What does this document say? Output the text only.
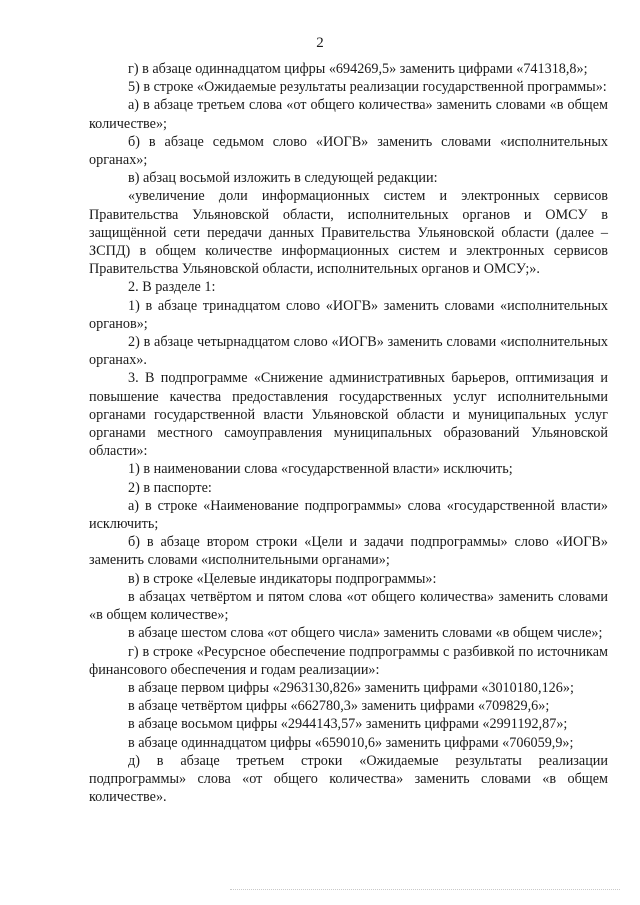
2

г) в абзаце одиннадцатом цифры «694269,5» заменить цифрами «741318,8»;

5) в строке «Ожидаемые результаты реализации государственной программы»:

а) в абзаце третьем слова «от общего количества» заменить словами «в общем количестве»;

б) в абзаце седьмом слово «ИОГВ» заменить словами «исполнительных органах»;

в) абзац восьмой изложить в следующей редакции:

«увеличение доли информационных систем и электронных сервисов Правительства Ульяновской области, исполнительных органов и ОМСУ в защищённой сети передачи данных Правительства Ульяновской области (далее – ЗСПД) в общем количестве информационных систем и электронных сервисов Правительства Ульяновской области, исполнительных органов и ОМСУ;».

2. В разделе 1:

1) в абзаце тринадцатом слово «ИОГВ» заменить словами «исполнительных органов»;

2) в абзаце четырнадцатом слово «ИОГВ» заменить словами «исполнительных органах».

3. В подпрограмме «Снижение административных барьеров, оптимизация и повышение качества предоставления государственных услуг исполнительными органами государственной власти Ульяновской области и муниципальных услуг органами местного самоуправления муниципальных образований Ульяновской области»:

1) в наименовании слова «государственной власти» исключить;

2) в паспорте:

а) в строке «Наименование подпрограммы» слова «государственной власти» исключить;

б) в абзаце втором строки «Цели и задачи подпрограммы» слово «ИОГВ» заменить словами «исполнительными органами»;

в) в строке «Целевые индикаторы подпрограммы»:

в абзацах четвёртом и пятом слова «от общего количества» заменить словами «в общем количестве»;

в абзаце шестом слова «от общего числа» заменить словами «в общем числе»;

г) в строке «Ресурсное обеспечение подпрограммы с разбивкой по источникам финансового обеспечения и годам реализации»:

в абзаце первом цифры «2963130,826» заменить цифрами «3010180,126»;

в абзаце четвёртом цифры «662780,3» заменить цифрами «709829,6»;

в абзаце восьмом цифры «2944143,57» заменить цифрами «2991192,87»;

в абзаце одиннадцатом цифры «659010,6» заменить цифрами «706059,9»;

д) в абзаце третьем строки «Ожидаемые результаты реализации подпрограммы» слова «от общего количества» заменить словами «в общем количестве».
